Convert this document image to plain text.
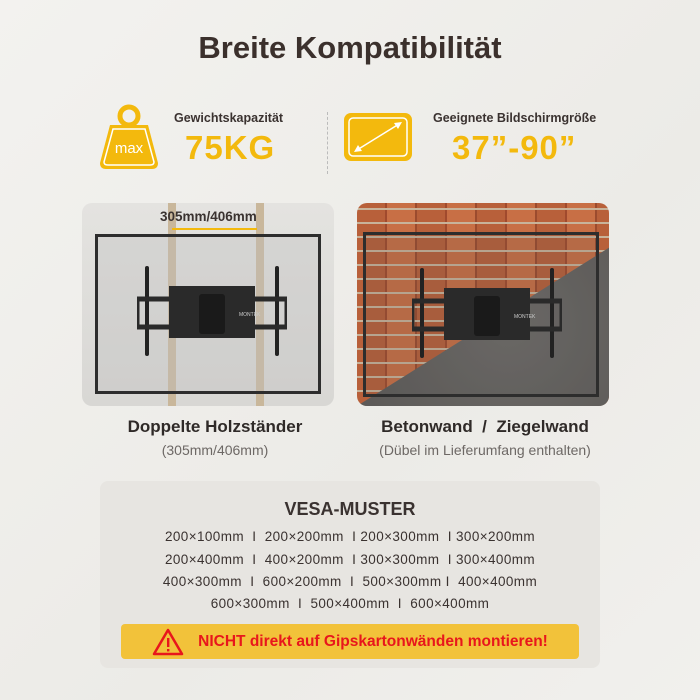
Breite Kompatibilität
max
Gewichtskapazität
75KG
Geeignete Bildschirmgröße
37”-90”
305mm/406mm
MONTEK	MONTEK
Doppelte Holzständer
(305mm/406mm)
Betonwand  /  Ziegelwand
(Dübel im Lieferumfang enthalten)
VESA-MUSTER
200×100mm  I  200×200mm  I 200×300mm  I 300×200mm
200×400mm  I  400×200mm  I 300×300mm  I 300×400mm
400×300mm  I  600×200mm  I  500×300mm I  400×400mm
600×300mm  I  500×400mm  I  600×400mm
NICHT direkt auf Gipskartonwänden montieren!
